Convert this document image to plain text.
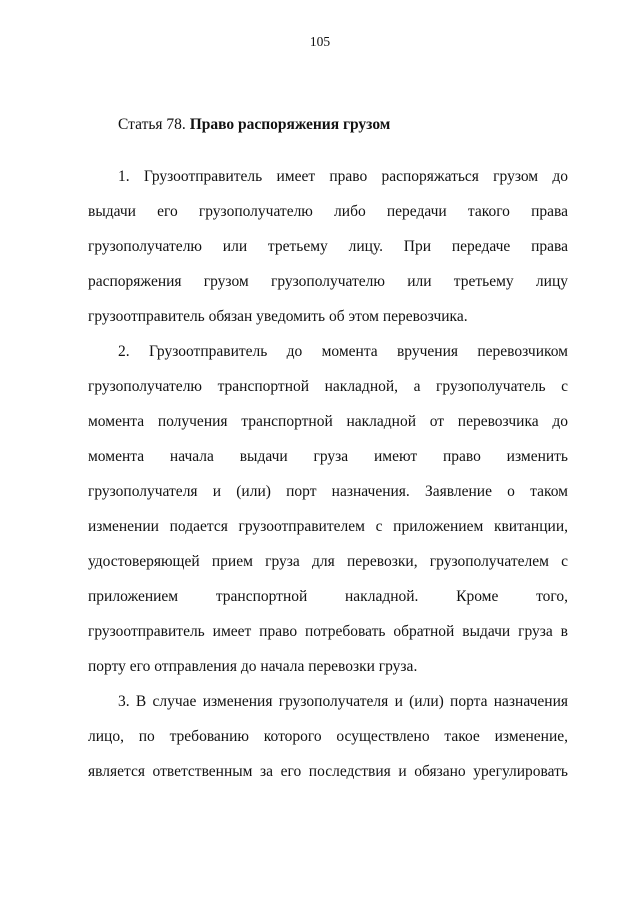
105
Статья 78. Право распоряжения грузом
1. Грузоотправитель имеет право распоряжаться грузом до
выдачи его грузополучателю либо передачи такого права
грузополучателю или третьему лицу. При передаче права
распоряжения грузом грузополучателю или третьему лицу
грузоотправитель обязан уведомить об этом перевозчика.
2. Грузоотправитель до момента вручения перевозчиком
грузополучателю транспортной накладной, а грузополучатель с
момента получения транспортной накладной от перевозчика до
момента начала выдачи груза имеют право изменить
грузополучателя и (или) порт назначения. Заявление о таком
изменении подается грузоотправителем с приложением квитанции,
удостоверяющей прием груза для перевозки, грузополучателем с
приложением транспортной накладной. Кроме того,
грузоотправитель имеет право потребовать обратной выдачи груза в
порту его отправления до начала перевозки груза.
3. В случае изменения грузополучателя и (или) порта назначения
лицо, по требованию которого осуществлено такое изменение,
является ответственным за его последствия и обязано урегулировать
